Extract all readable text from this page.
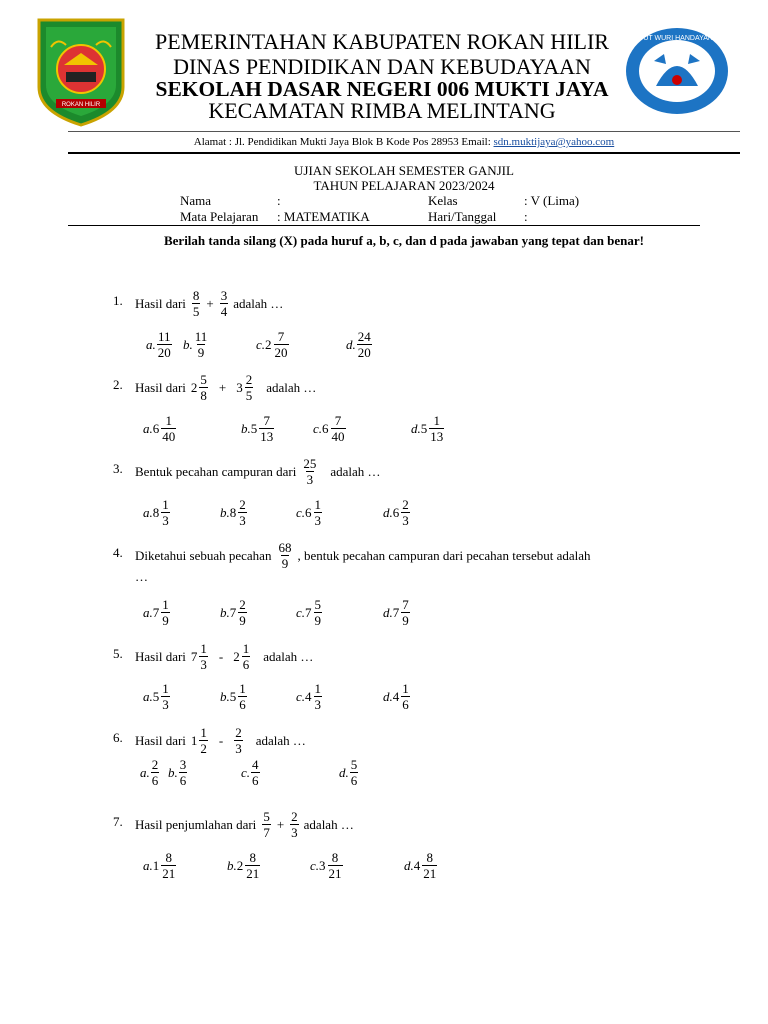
ROKAN HILIR
TUT WURI HANDAYANI
PEMERINTAHAN KABUPATEN ROKAN HILIR
DINAS PENDIDIKAN DAN KEBUDAYAAN
SEKOLAH DASAR NEGERI 006 MUKTI JAYA
KECAMATAN RIMBA MELINTANG
Alamat : Jl. Pendidikan Mukti Jaya Blok B Kode Pos 28953 Email: sdn.muktijaya@yahoo.com
UJIAN SEKOLAH SEMESTER GANJIL
TAHUN PELAJARAN 2023/2024
Nama	:	Kelas	: V (Lima)
Mata Pelajaran : MATEMATIKA	Hari/Tanggal :
Berilah tanda silang (X) pada huruf a, b, c, dan d pada jawaban yang tepat dan benar!
1. Hasil dari $\frac{8}{5} + \frac{3}{4}$ adalah …
a. $\frac{11}{20} b$. $\frac{11}{9}$	c. $2 \frac{7}{20}$	d. $\frac{24}{20}$
2. Hasil dari $2 \frac{5}{8} + 3 \frac{2}{5}$ adalah …
a. $6 \frac{1}{40}$	b. $5 \frac{7}{13}$	c. $6 \frac{7}{40}$	d. $5 \frac{1}{13}$
3. Bentuk pecahan campuran dari $\frac{25}{3}$ adalah …
a. $8 \frac{1}{3}$	b. $8 \frac{2}{3}$	c. $6 \frac{1}{3}$	d. $6 \frac{2}{3}$
4. Diketahui sebuah pecahan $\frac{68}{9}$ , bentuk pecahan campuran dari pecahan tersebut adalah
…
a. $7 \frac{1}{9}$	b. $7 \frac{2}{9}$	c. $7 \frac{5}{9}$	d. $7 \frac{7}{9}$
5. Hasil dari $7 \frac{1}{3} - 2 \frac{1}{6}$ adalah …
a. $5 \frac{1}{3}$	b. $5 \frac{1}{6}$	c. $4 \frac{1}{3}$	d. $4 \frac{1}{6}$
6. Hasil dari $1 \frac{1}{2} - \frac{2}{3}$ adalah …
a. $\frac{2}{6} b$. $\frac{3}{6}$	c. $\frac{4}{6}$	d. $\frac{5}{6}$
7. Hasil penjumlahan dari $\frac{5}{7} + \frac{2}{3}$ adalah …
a. $1 \frac{8}{21}$	b. $2 \frac{8}{21}$	c. $3 \frac{8}{21}$	d. $4 \frac{8}{21}$
